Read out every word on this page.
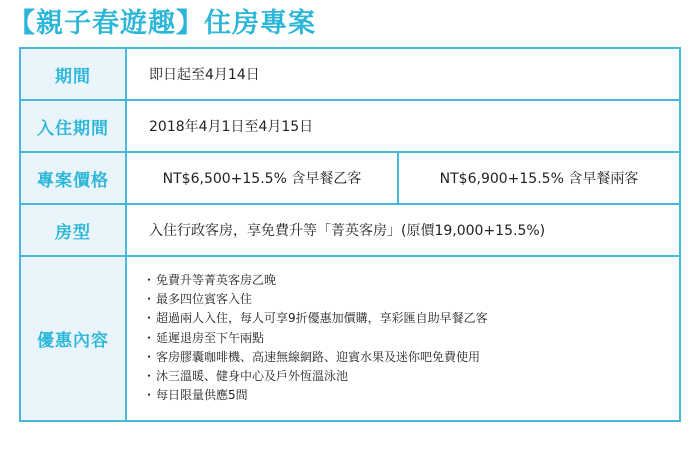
【親子春遊趣】住房專案
期間	即日起至4月14日
入住期間	2018年4月1日至4月15日
專案價格	NT$6,500+15.5% 含早餐乙客	NT$6,900+15.5% 含早餐兩客
房型	入住行政客房，享免費升等「菁英客房」(原價19,000+15.5%)
優惠內容
・ 免費升等菁英客房乙晚
・ 最多四位賓客入住
・ 超過兩人入住，每人可享9折優惠加價購，享彩匯自助早餐乙客
・ 延遲退房至下午兩點
・ 客房膠囊咖啡機、高速無線網路、迎賓水果及迷你吧免費使用
・ 沐三溫暖、健身中心及戶外恆溫泳池
・ 每日限量供應5間
